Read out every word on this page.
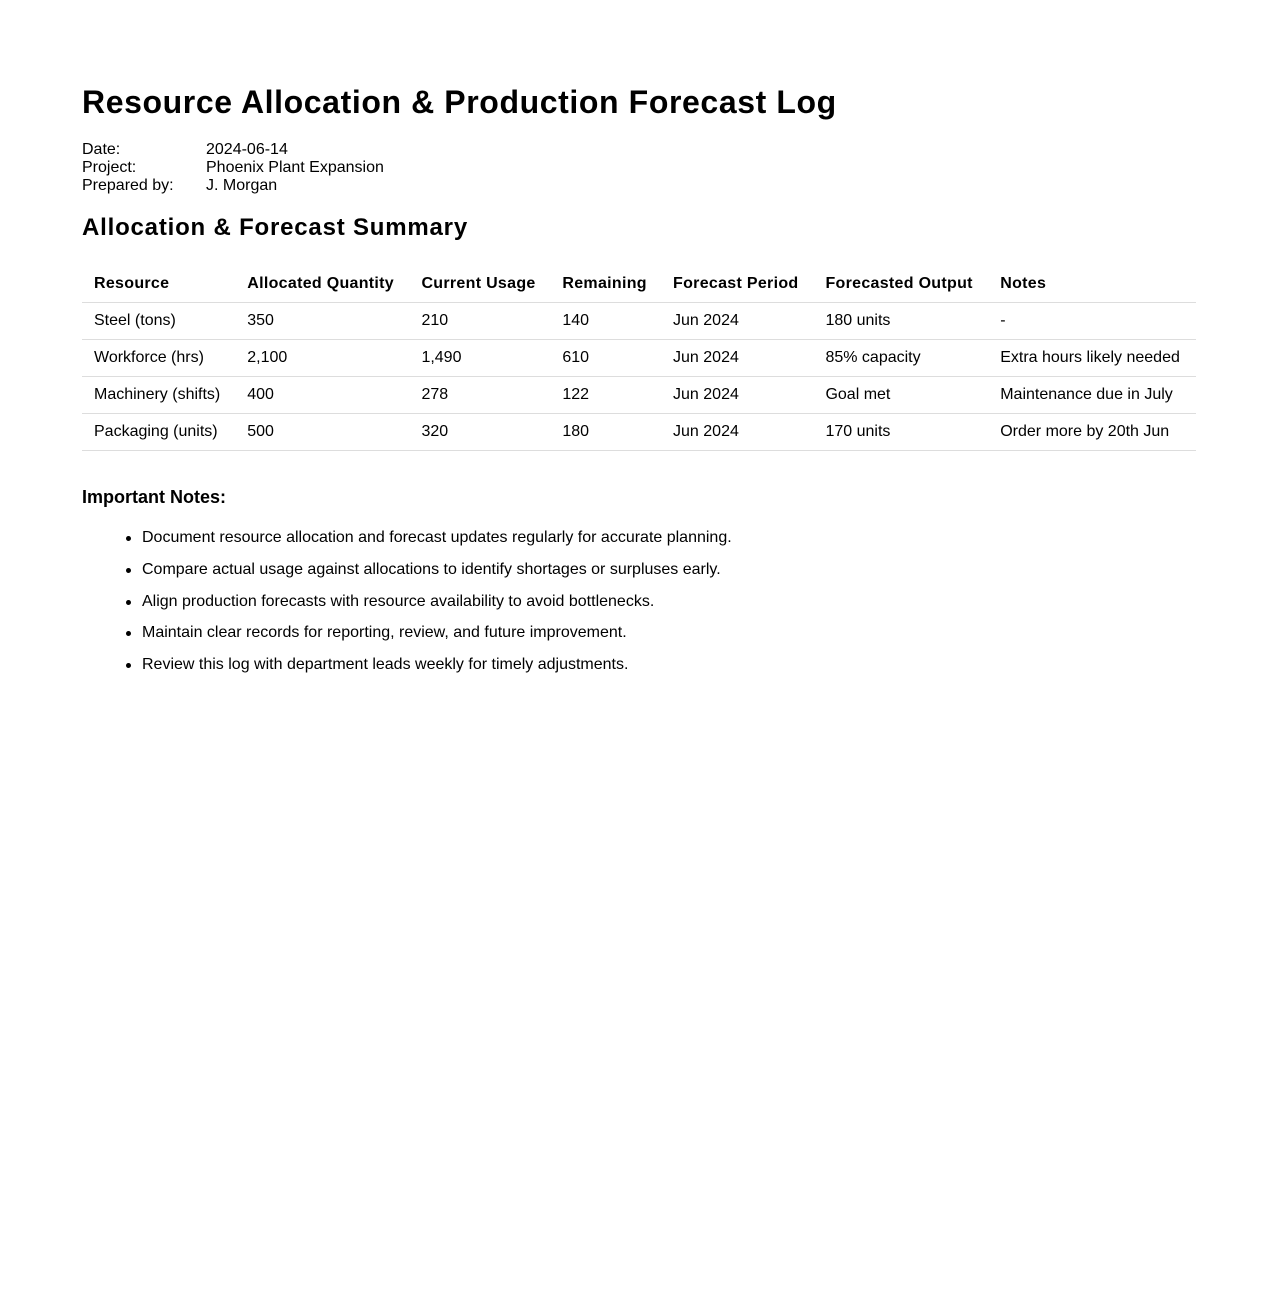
Resource Allocation & Production Forecast Log
Date:	2024-06-14
Project:	Phoenix Plant Expansion
Prepared by:	J. Morgan
Allocation & Forecast Summary
Resource	Allocated Quantity	Current Usage	Remaining	Forecast Period	Forecasted Output	Notes
Steel (tons)	350	210	140	Jun 2024	180 units	-
Workforce (hrs)	2,100	1,490	610	Jun 2024	85% capacity	Extra hours likely needed
Machinery (shifts)	400	278	122	Jun 2024	Goal met	Maintenance due in July
Packaging (units)	500	320	180	Jun 2024	170 units	Order more by 20th Jun
Important Notes:
Document resource allocation and forecast updates regularly for accurate planning.
Compare actual usage against allocations to identify shortages or surpluses early.
Align production forecasts with resource availability to avoid bottlenecks.
Maintain clear records for reporting, review, and future improvement.
Review this log with department leads weekly for timely adjustments.
